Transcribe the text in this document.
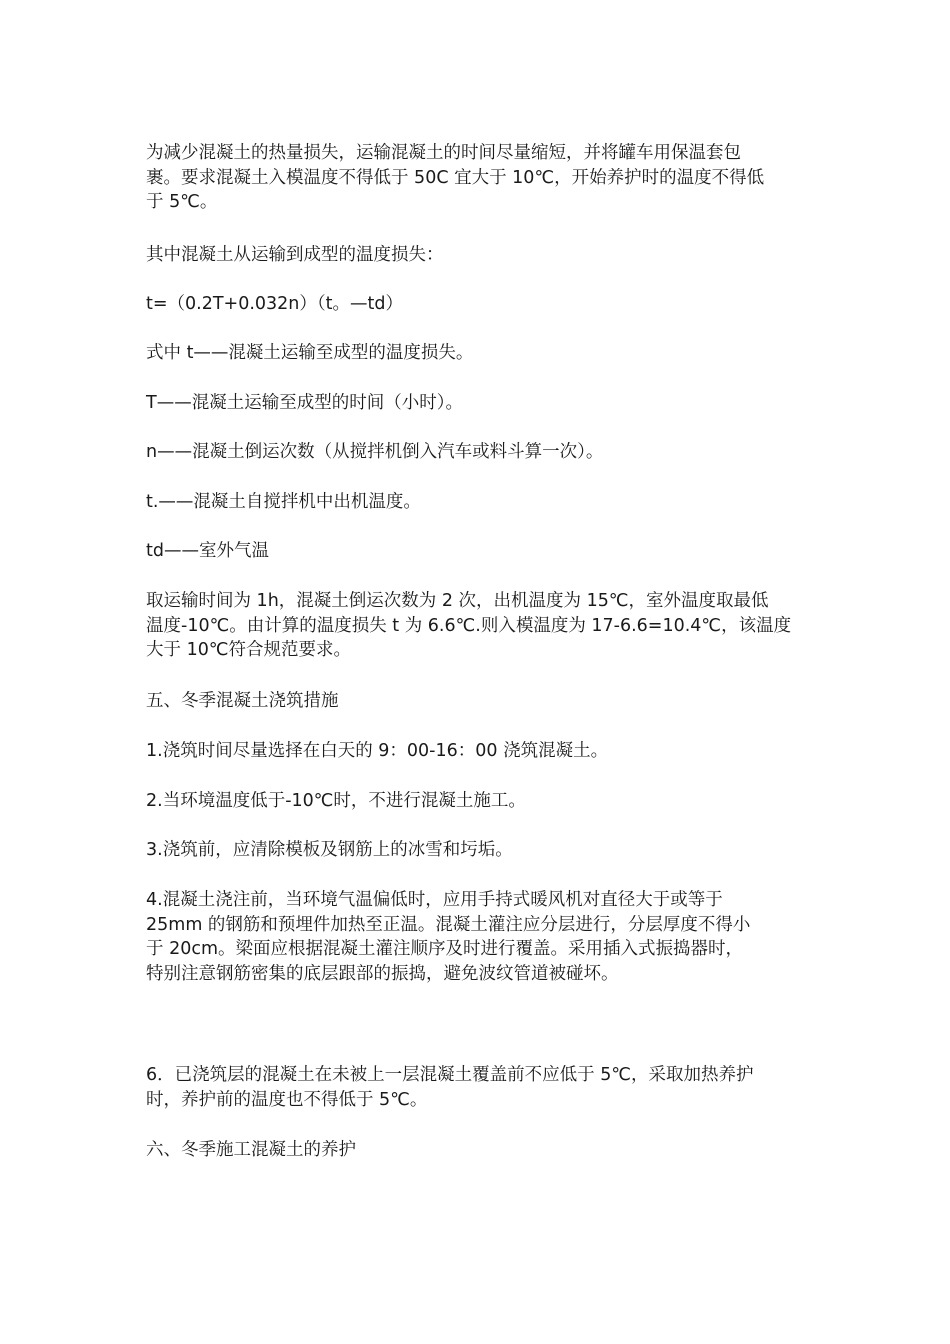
为减少混凝土的热量损失，运输混凝土的时间尽量缩短，并将罐车用保温套包
裹。要求混凝土入模温度不得低于 50C 宜大于 10℃，开始养护时的温度不得低
于 5℃。

其中混凝土从运输到成型的温度损失：

t=（0.2T+0.032n）（t。—td）

式中 t——混凝土运输至成型的温度损失。

T——混凝土运输至成型的时间（小时）。

n——混凝土倒运次数（从搅拌机倒入汽车或料斗算一次）。

t.——混凝土自搅拌机中出机温度。

td——室外气温

取运输时间为 1h，混凝土倒运次数为 2 次，出机温度为 15℃，室外温度取最低
温度-10℃。由计算的温度损失 t 为 6.6℃.则入模温度为 17-6.6=10.4℃，该温度
大于 10℃符合规范要求。

五、冬季混凝土浇筑措施

1.浇筑时间尽量选择在白天的 9：00-16：00 浇筑混凝土。

2.当环境温度低于-10℃时，不进行混凝土施工。

3.浇筑前，应清除模板及钢筋上的冰雪和圬垢。

4.混凝土浇注前，当环境气温偏低时，应用手持式暖风机对直径大于或等于
25mm 的钢筋和预埋件加热至正温。混凝土灌注应分层进行，分层厚度不得小
于 20cm。梁面应根据混凝土灌注顺序及时进行覆盖。采用插入式振捣器时，
特别注意钢筋密集的底层跟部的振捣，避免波纹管道被碰坏。

6．已浇筑层的混凝土在未被上一层混凝土覆盖前不应低于 5℃，采取加热养护
时，养护前的温度也不得低于 5℃。

六、冬季施工混凝土的养护
